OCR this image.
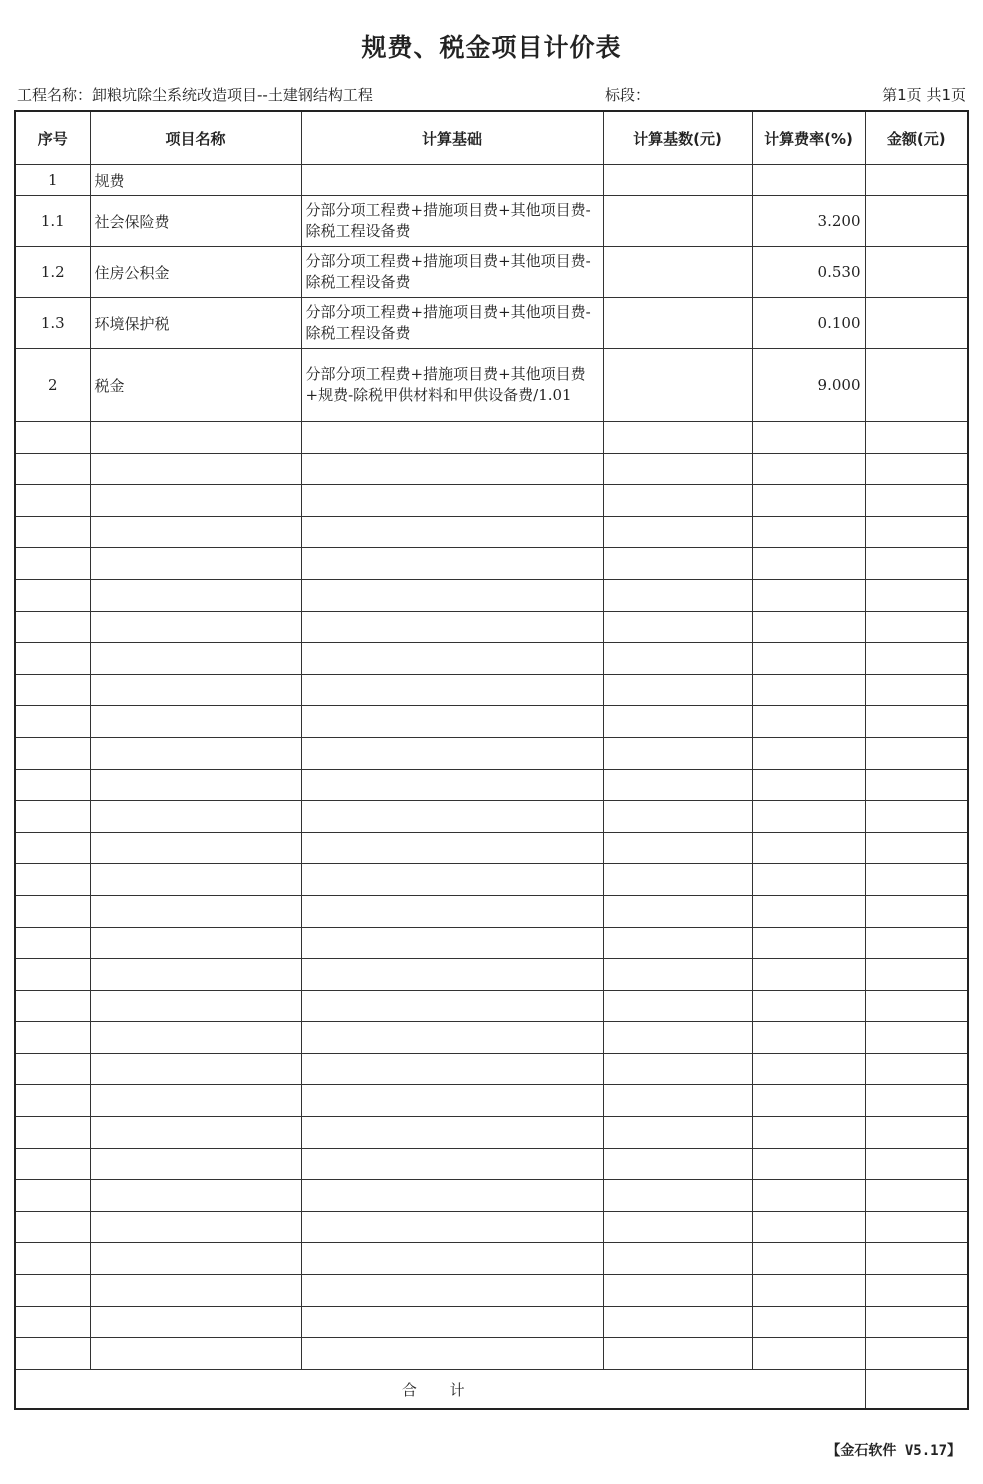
规费、税金项目计价表
工程名称：卸粮坑除尘系统改造项目--土建钢结构工程	标段：	第1页 共1页
序号	项目名称	计算基础	计算基数(元)	计算费率(%)	金额(元)
1	规费				
1.1	社会保险费	分部分项工程费+措施项目费+其他项目费-除税工程设备费		3.200	
1.2	住房公积金	分部分项工程费+措施项目费+其他项目费-除税工程设备费		0.530	
1.3	环境保护税	分部分项工程费+措施项目费+其他项目费-除税工程设备费		0.100	
2	税金	分部分项工程费+措施项目费+其他项目费+规费-除税甲供材料和甲供设备费/1.01		9.000	

合 计					
【金石软件 V5.17】
